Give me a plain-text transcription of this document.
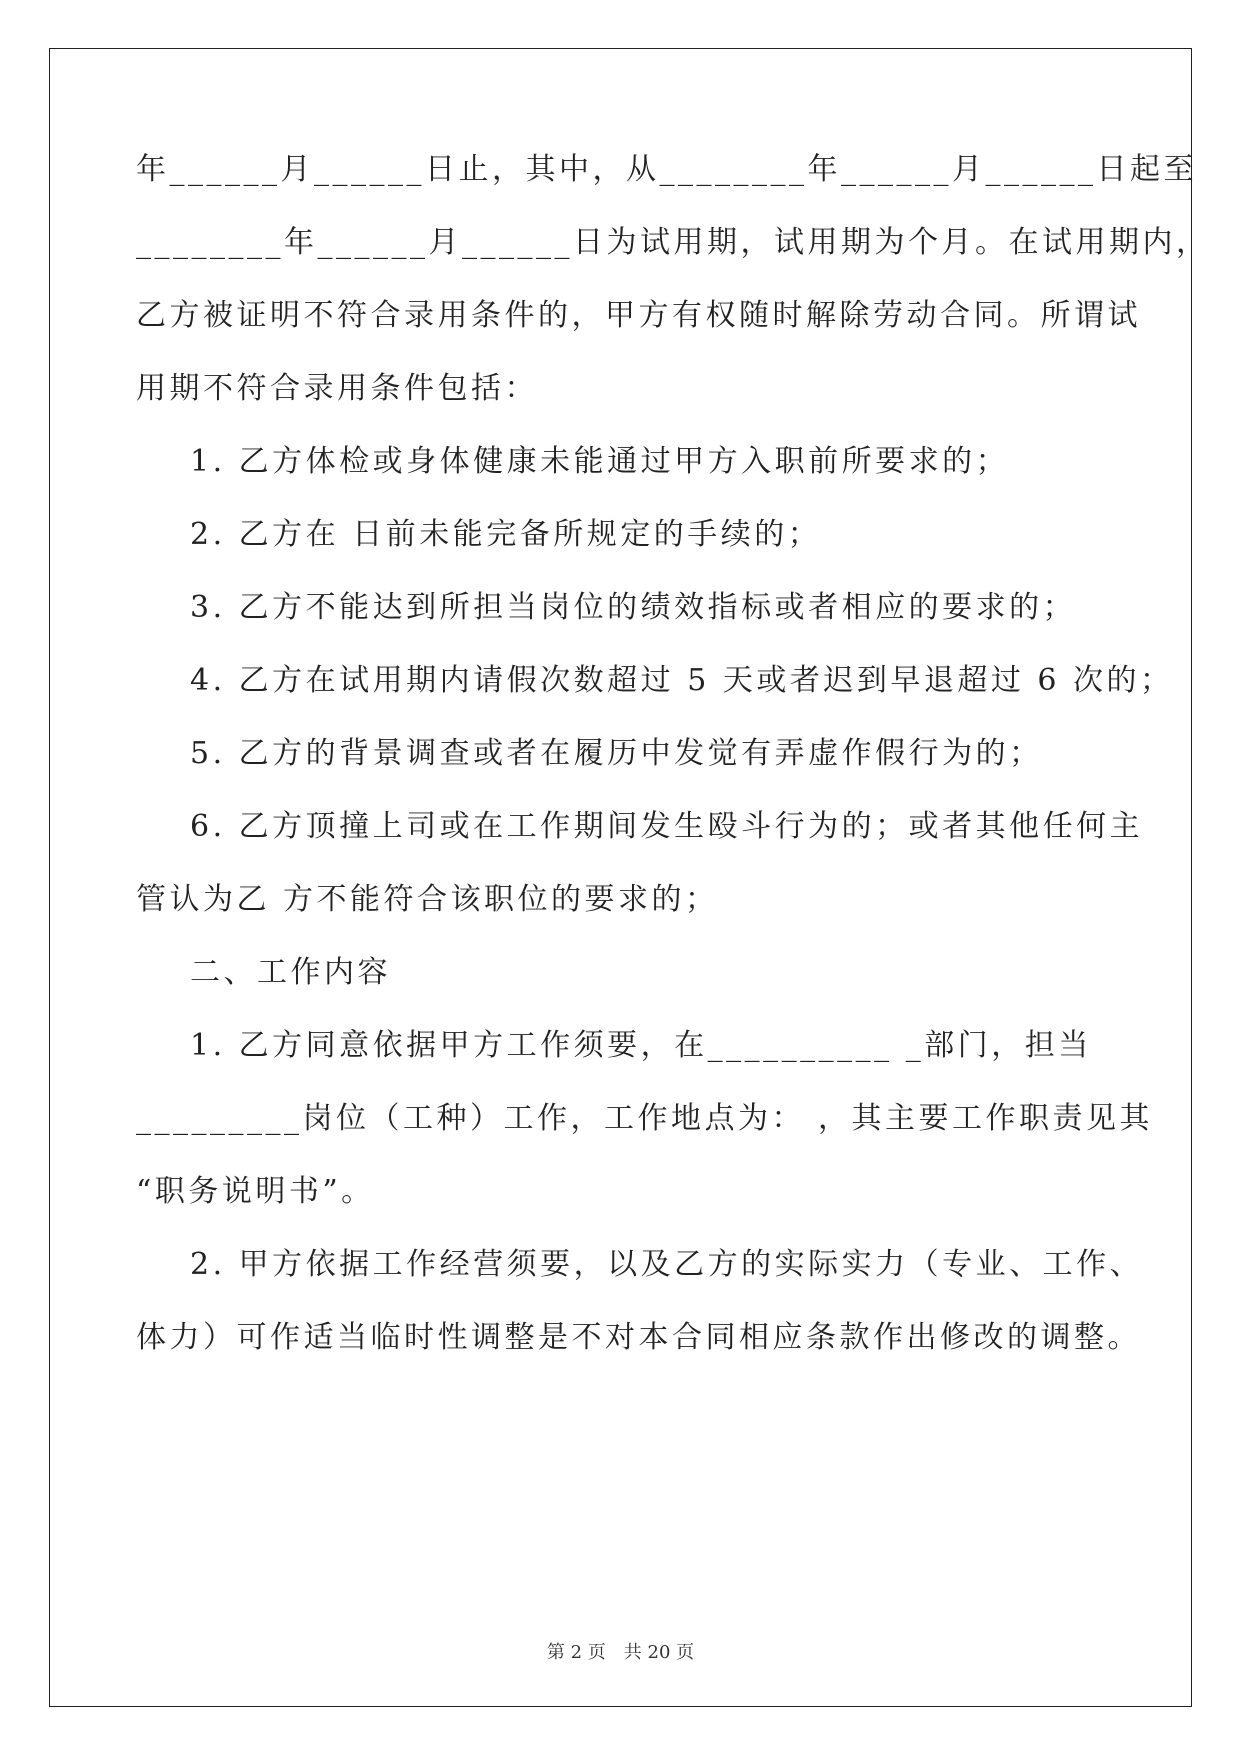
年______月______日止，其中，从________年______月______日起至
________年______月______日为试用期，试用期为个月。在试用期内，
乙方被证明不符合录用条件的，甲方有权随时解除劳动合同。所谓试
用期不符合录用条件包括：
1. 乙方体检或身体健康未能通过甲方入职前所要求的；
2. 乙方在 日前未能完备所规定的手续的；
3. 乙方不能达到所担当岗位的绩效指标或者相应的要求的；
4. 乙方在试用期内请假次数超过 5 天或者迟到早退超过 6 次的；
5. 乙方的背景调查或者在履历中发觉有弄虚作假行为的；
6. 乙方顶撞上司或在工作期间发生殴斗行为的；或者其他任何主
管认为乙 方不能符合该职位的要求的；
二、工作内容
1. 乙方同意依据甲方工作须要，在__________ _部门，担当
_________岗位（工种）工作，工作地点为： ，其主要工作职责见其
“职务说明书”。
2. 甲方依据工作经营须要，以及乙方的实际实力（专业、工作、
体力）可作适当临时性调整是不对本合同相应条款作出修改的调整。
第 2 页　共 20 页
